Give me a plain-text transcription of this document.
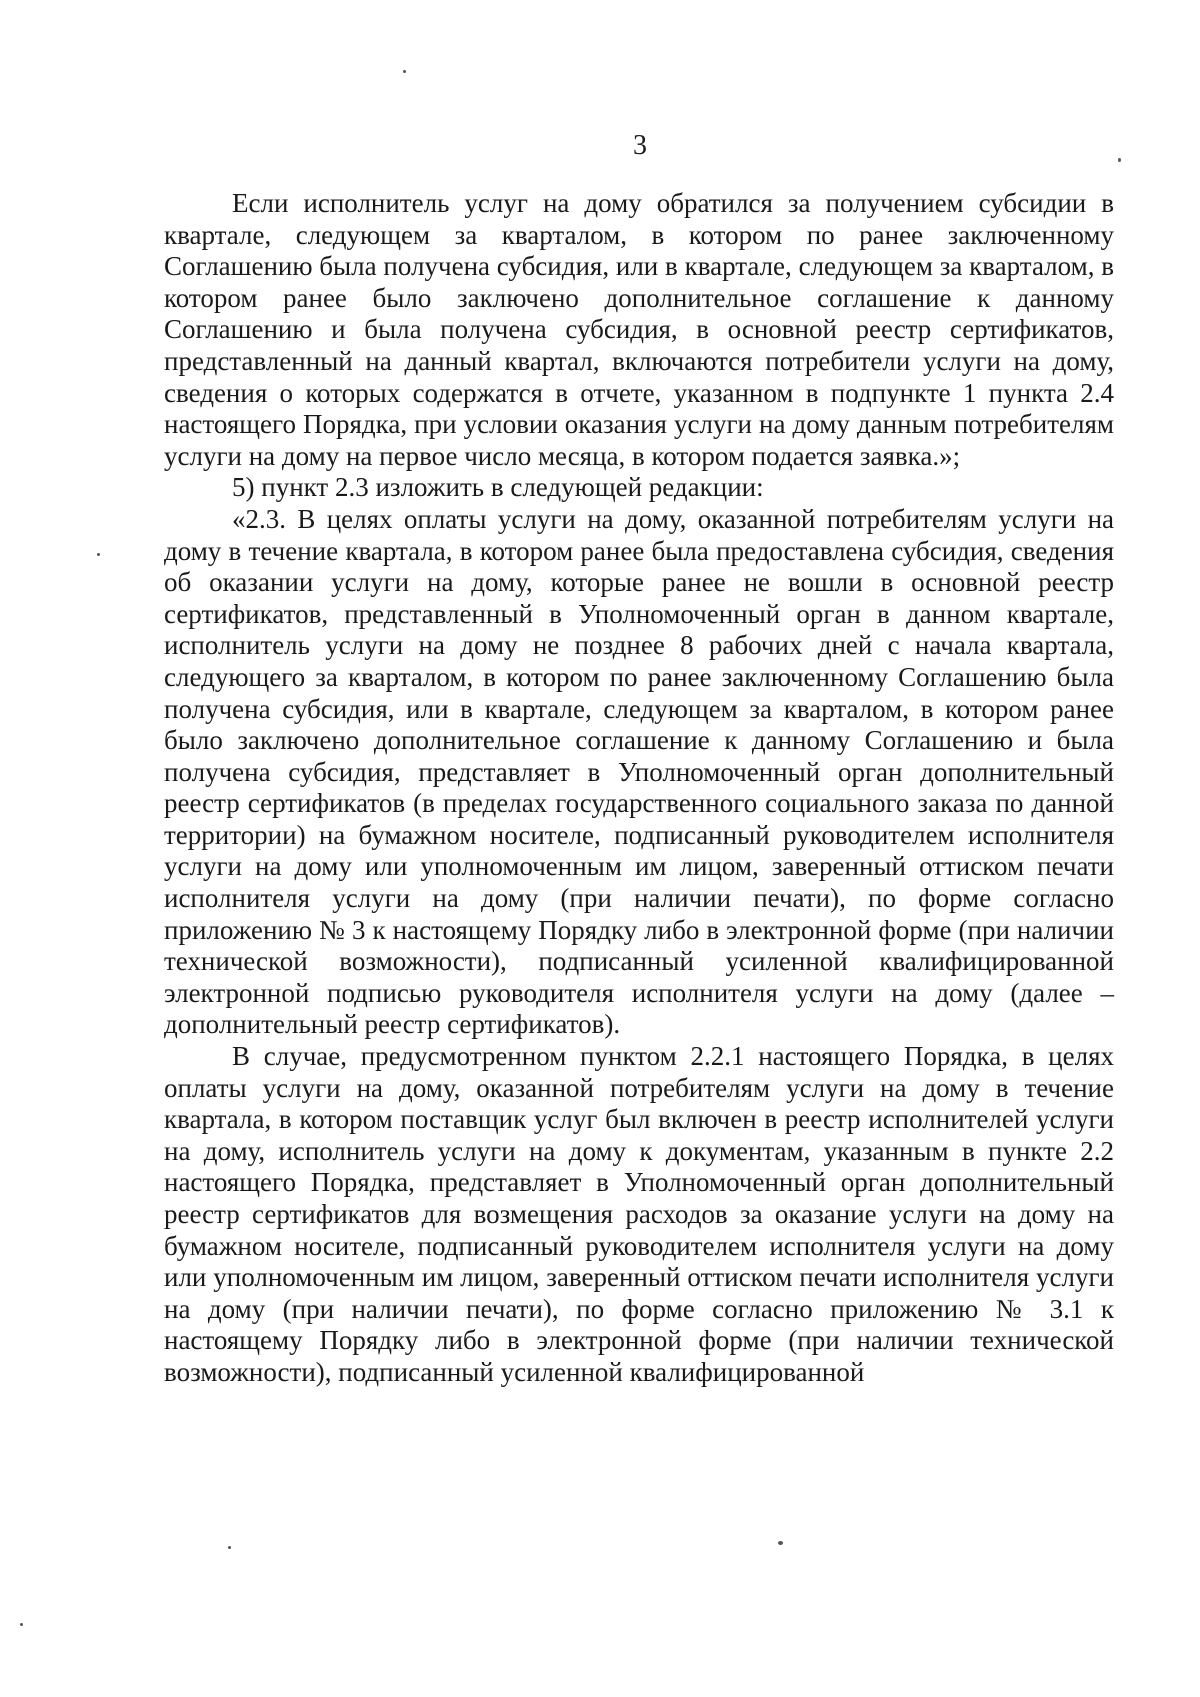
3

Если исполнитель услуг на дому обратился за получением субсидии в квартале, следующем за кварталом, в котором по ранее заключенному Соглашению была получена субсидия, или в квартале, следующем за кварталом, в котором ранее было заключено дополнительное соглашение к данному Соглашению и была получена субсидия, в основной реестр сертификатов, представленный на данный квартал, включаются потребители услуги на дому, сведения о которых содержатся в отчете, указанном в подпункте 1 пункта 2.4 настоящего Порядка, при условии оказания услуги на дому данным потребителям услуги на дому на первое число месяца, в котором подается заявка.»;

5) пункт 2.3 изложить в следующей редакции:

«2.3. В целях оплаты услуги на дому, оказанной потребителям услуги на дому в течение квартала, в котором ранее была предоставлена субсидия, сведения об оказании услуги на дому, которые ранее не вошли в основной реестр сертификатов, представленный в Уполномоченный орган в данном квартале, исполнитель услуги на дому не позднее 8 рабочих дней с начала квартала, следующего за кварталом, в котором по ранее заключенному Соглашению была получена субсидия, или в квартале, следующем за кварталом, в котором ранее было заключено дополнительное соглашение к данному Соглашению и была получена субсидия, представляет в Уполномоченный орган дополнительный реестр сертификатов (в пределах государственного социального заказа по данной территории) на бумажном носителе, подписанный руководителем исполнителя услуги на дому или уполномоченным им лицом, заверенный оттиском печати исполнителя услуги на дому (при наличии печати), по форме согласно приложению № 3 к настоящему Порядку либо в электронной форме (при наличии технической возможности), подписанный усиленной квалифицированной электронной подписью руководителя исполнителя услуги на дому (далее – дополнительный реестр сертификатов).

В случае, предусмотренном пунктом 2.2.1 настоящего Порядка, в целях оплаты услуги на дому, оказанной потребителям услуги на дому в течение квартала, в котором поставщик услуг был включен в реестр исполнителей услуги на дому, исполнитель услуги на дому к документам, указанным в пункте 2.2 настоящего Порядка, представляет в Уполномоченный орган дополнительный реестр сертификатов для возмещения расходов за оказание услуги на дому на бумажном носителе, подписанный руководителем исполнителя услуги на дому или уполномоченным им лицом, заверенный оттиском печати исполнителя услуги на дому (при наличии печати), по форме согласно приложению № 3.1 к настоящему Порядку либо в электронной форме (при наличии технической возможности), подписанный усиленной квалифицированной
